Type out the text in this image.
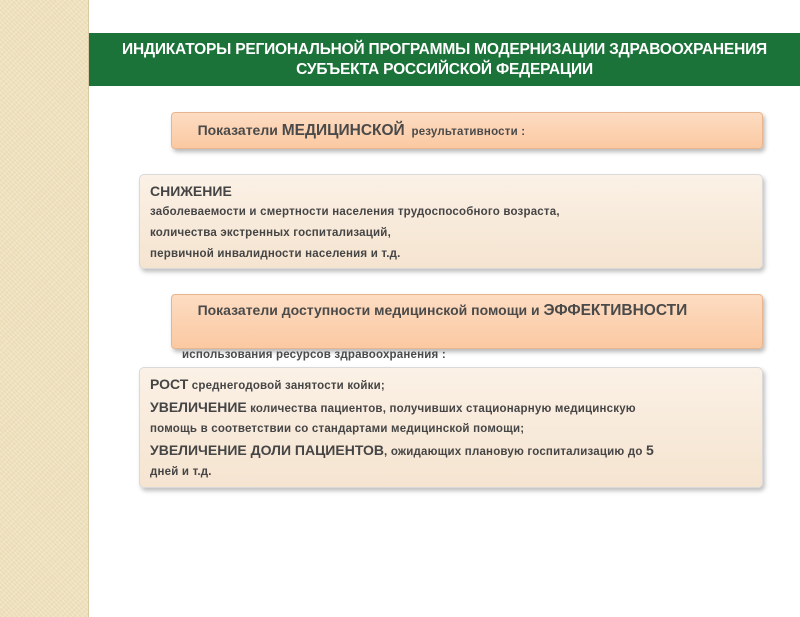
ИНДИКАТОРЫ РЕГИОНАЛЬНОЙ ПРОГРАММЫ МОДЕРНИЗАЦИИ ЗДРАВООХРАНЕНИЯ
СУБЪЕКТА РОССИЙСКОЙ ФЕДЕРАЦИИ

Показатели МЕДИЦИНСКОЙ  результативности :

СНИЖЕНИЕ
заболеваемости и смертности населения трудоспособного возраста,
количества экстренных госпитализаций,
первичной инвалидности населения и т.д.

Показатели доступности медицинской помощи и ЭФФЕКТИВНОСТИ

использования ресурсов здравоохранения :
РОСТ среднегодовой занятости койки;
УВЕЛИЧЕНИЕ количества пациентов, получивших стационарную медицинскую
помощь в соответствии со стандартами медицинской помощи;
УВЕЛИЧЕНИЕ ДОЛИ ПАЦИЕНТОВ, ожидающих плановую госпитализацию до 5
дней и т.д.
